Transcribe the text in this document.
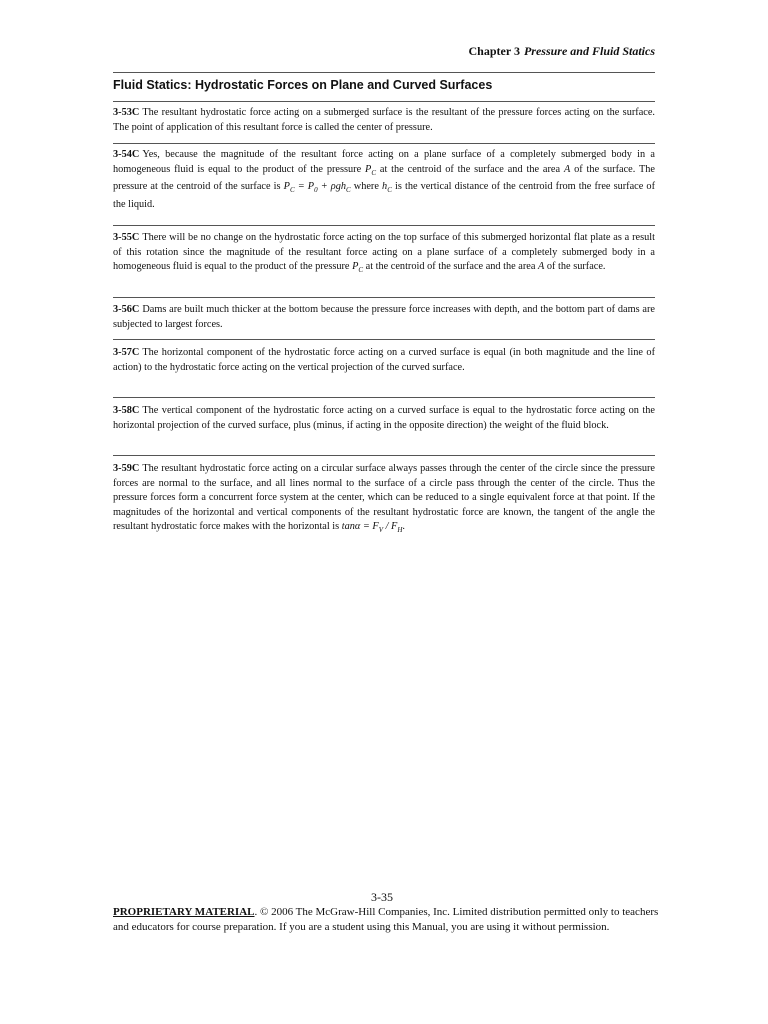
Chapter 3 Pressure and Fluid Statics
Fluid Statics: Hydrostatic Forces on Plane and Curved Surfaces
3-53C The resultant hydrostatic force acting on a submerged surface is the resultant of the pressure forces acting on the surface. The point of application of this resultant force is called the center of pressure.
3-54C Yes, because the magnitude of the resultant force acting on a plane surface of a completely submerged body in a homogeneous fluid is equal to the product of the pressure $P_C$ at the centroid of the surface and the area A of the surface. The pressure at the centroid of the surface is $P_C = P_0 + \rho gh_C$ where $h_C$ is the vertical distance of the centroid from the free surface of the liquid.
3-55C There will be no change on the hydrostatic force acting on the top surface of this submerged horizontal flat plate as a result of this rotation since the magnitude of the resultant force acting on a plane surface of a completely submerged body in a homogeneous fluid is equal to the product of the pressure $P_C$ at the centroid of the surface and the area A of the surface.
3-56C Dams are built much thicker at the bottom because the pressure force increases with depth, and the bottom part of dams are subjected to largest forces.
3-57C The horizontal component of the hydrostatic force acting on a curved surface is equal (in both magnitude and the line of action) to the hydrostatic force acting on the vertical projection of the curved surface.
3-58C The vertical component of the hydrostatic force acting on a curved surface is equal to the hydrostatic force acting on the horizontal projection of the curved surface, plus (minus, if acting in the opposite direction) the weight of the fluid block.
3-59C The resultant hydrostatic force acting on a circular surface always passes through the center of the circle since the pressure forces are normal to the surface, and all lines normal to the surface of a circle pass through the center of the circle. Thus the pressure forces form a concurrent force system at the center, which can be reduced to a single equivalent force at that point. If the magnitudes of the horizontal and vertical components of the resultant hydrostatic force are known, the tangent of the angle the resultant hydrostatic force makes with the horizontal is $\tan\alpha = F_V / F_H$.
3-35
PROPRIETARY MATERIAL. © 2006 The McGraw-Hill Companies, Inc. Limited distribution permitted only to teachers and educators for course preparation. If you are a student using this Manual, you are using it without permission.
